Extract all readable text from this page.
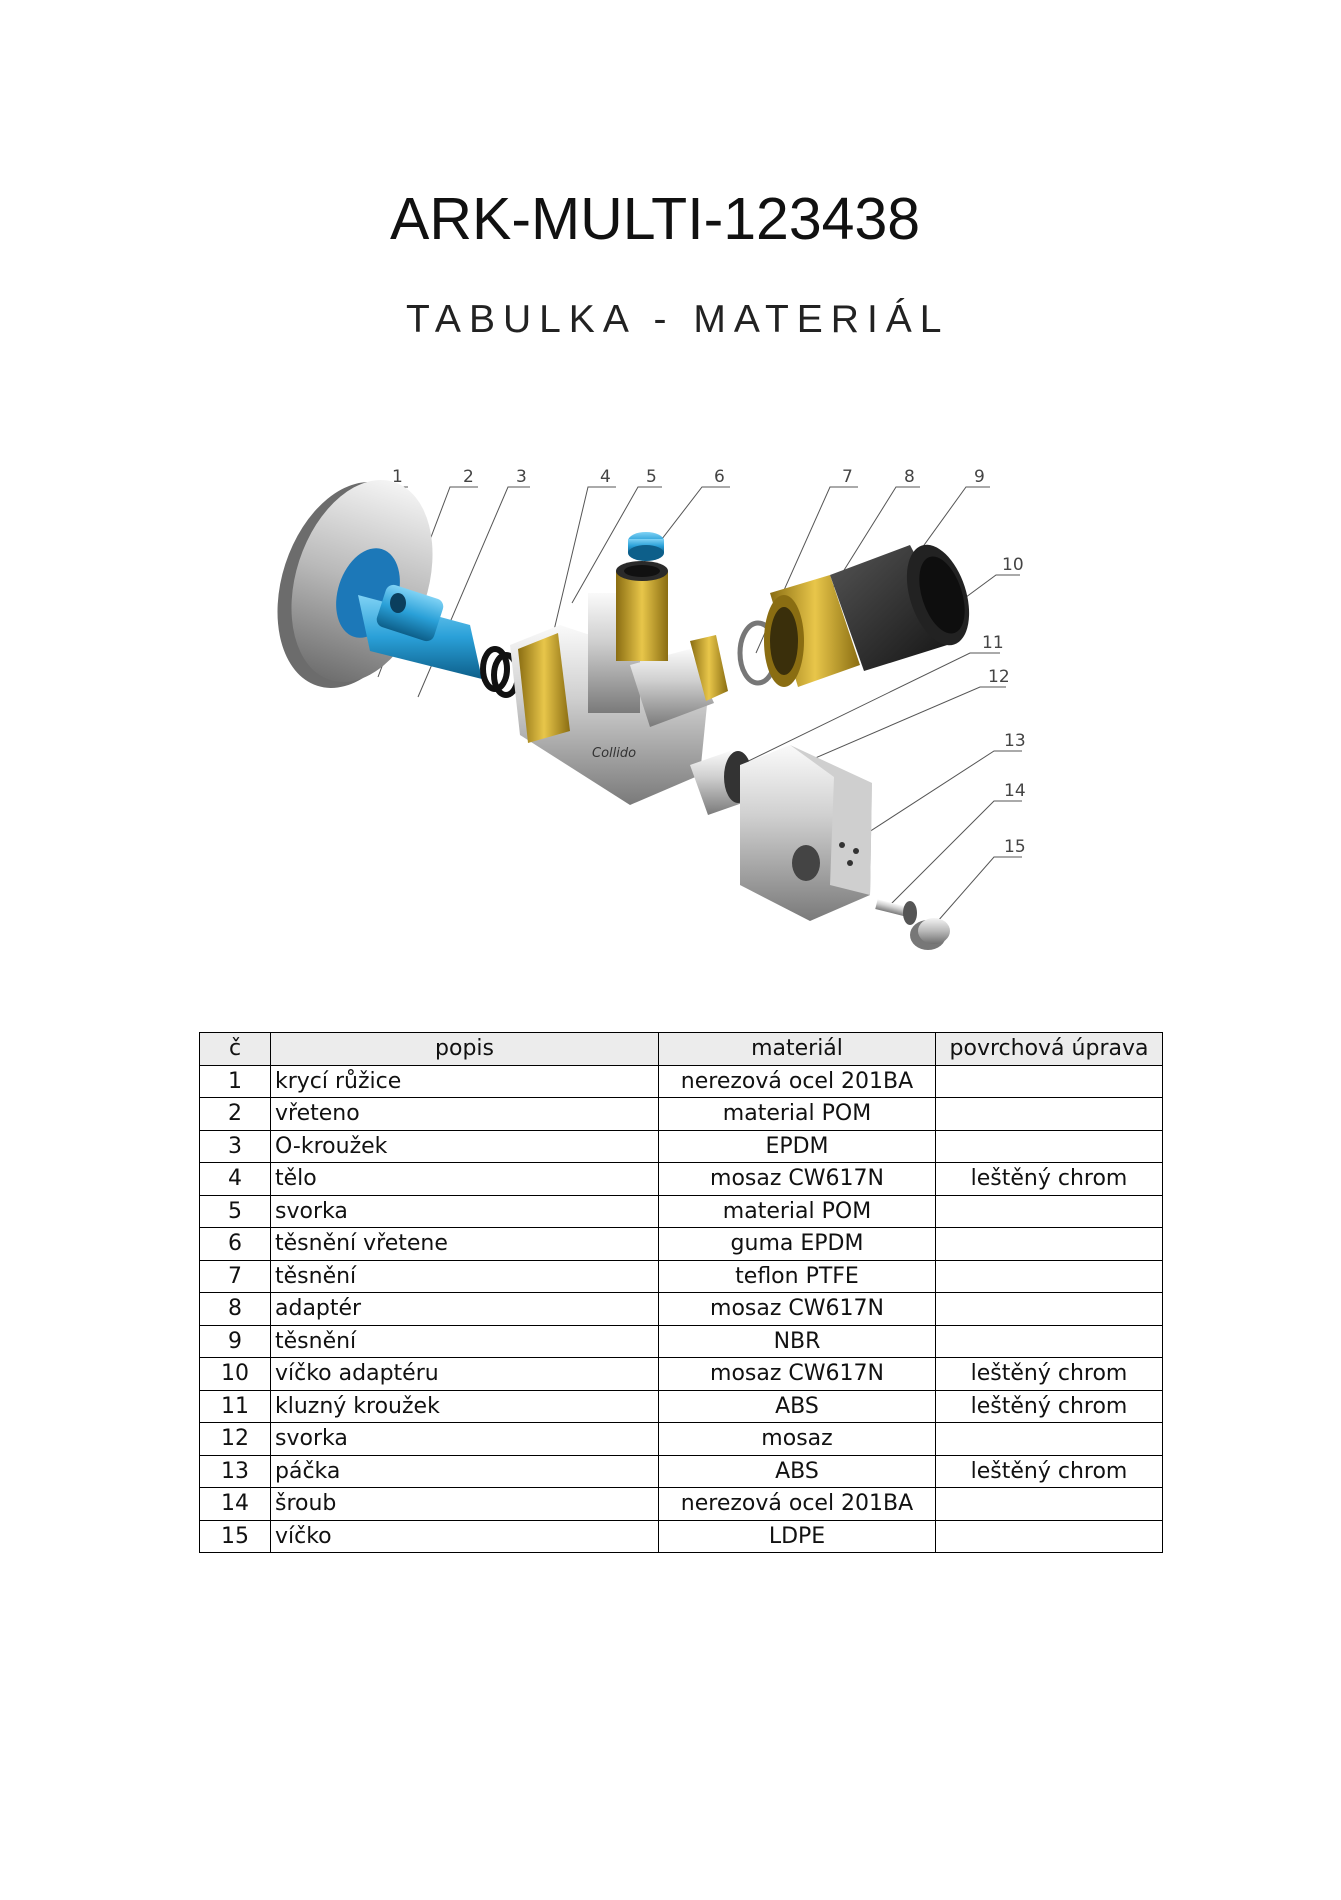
ARK-MULTI-123438
TABULKA - MATERIÁL
1	2 3	4 5	6	7	8	9
10
11
12
13
14
15
Collido
č	popis	materiál	povrchová úprava
1	krycí růžice	nerezová ocel 201BA	
2	vřeteno	material POM	
3	O-kroužek	EPDM	
4	tělo	mosaz CW617N	leštěný chrom
5	svorka	material POM	
6	těsnění vřetene	guma EPDM	
7	těsnění	teflon PTFE	
8	adaptér	mosaz CW617N	
9	těsnění	NBR	
10	víčko adaptéru	mosaz CW617N	leštěný chrom
11	kluzný kroužek	ABS	leštěný chrom
12	svorka	mosaz	
13	páčka	ABS	leštěný chrom
14	šroub	nerezová ocel 201BA	
15	víčko	LDPE	
